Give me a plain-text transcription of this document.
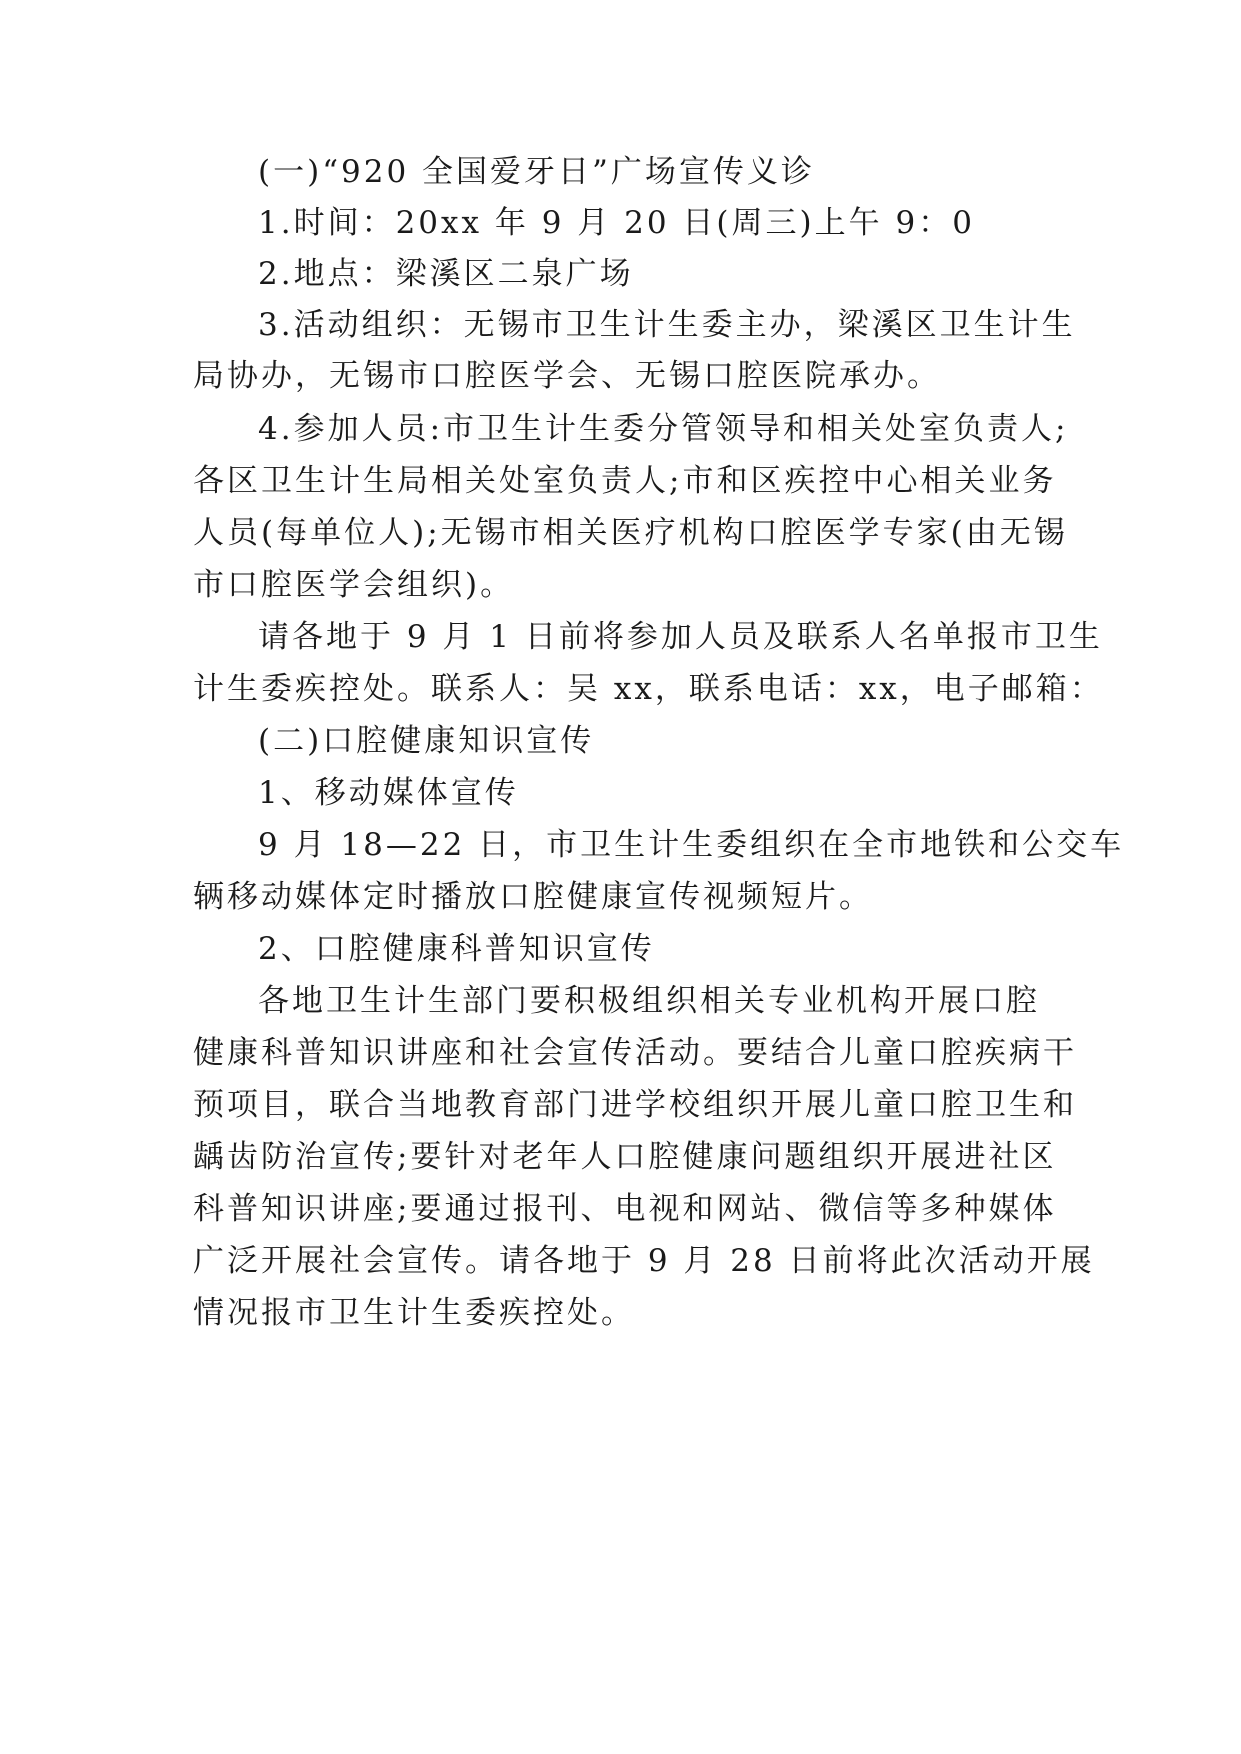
(一)“920 全国爱牙日”广场宣传义诊
1.时间：20xx 年 9 月 20 日(周三)上午 9：0
2.地点：梁溪区二泉广场
3.活动组织：无锡市卫生计生委主办，梁溪区卫生计生
局协办，无锡市口腔医学会、无锡口腔医院承办。
4.参加人员:市卫生计生委分管领导和相关处室负责人;
各区卫生计生局相关处室负责人;市和区疾控中心相关业务
人员(每单位人);无锡市相关医疗机构口腔医学专家(由无锡
市口腔医学会组织)。
请各地于 9 月 1 日前将参加人员及联系人名单报市卫生
计生委疾控处。联系人：吴 xx，联系电话：xx，电子邮箱：
(二)口腔健康知识宣传
1、移动媒体宣传
9 月 18—22 日，市卫生计生委组织在全市地铁和公交车
辆移动媒体定时播放口腔健康宣传视频短片。
2、口腔健康科普知识宣传
各地卫生计生部门要积极组织相关专业机构开展口腔
健康科普知识讲座和社会宣传活动。要结合儿童口腔疾病干
预项目，联合当地教育部门进学校组织开展儿童口腔卫生和
龋齿防治宣传;要针对老年人口腔健康问题组织开展进社区
科普知识讲座;要通过报刊、电视和网站、微信等多种媒体
广泛开展社会宣传。请各地于 9 月 28 日前将此次活动开展
情况报市卫生计生委疾控处。
